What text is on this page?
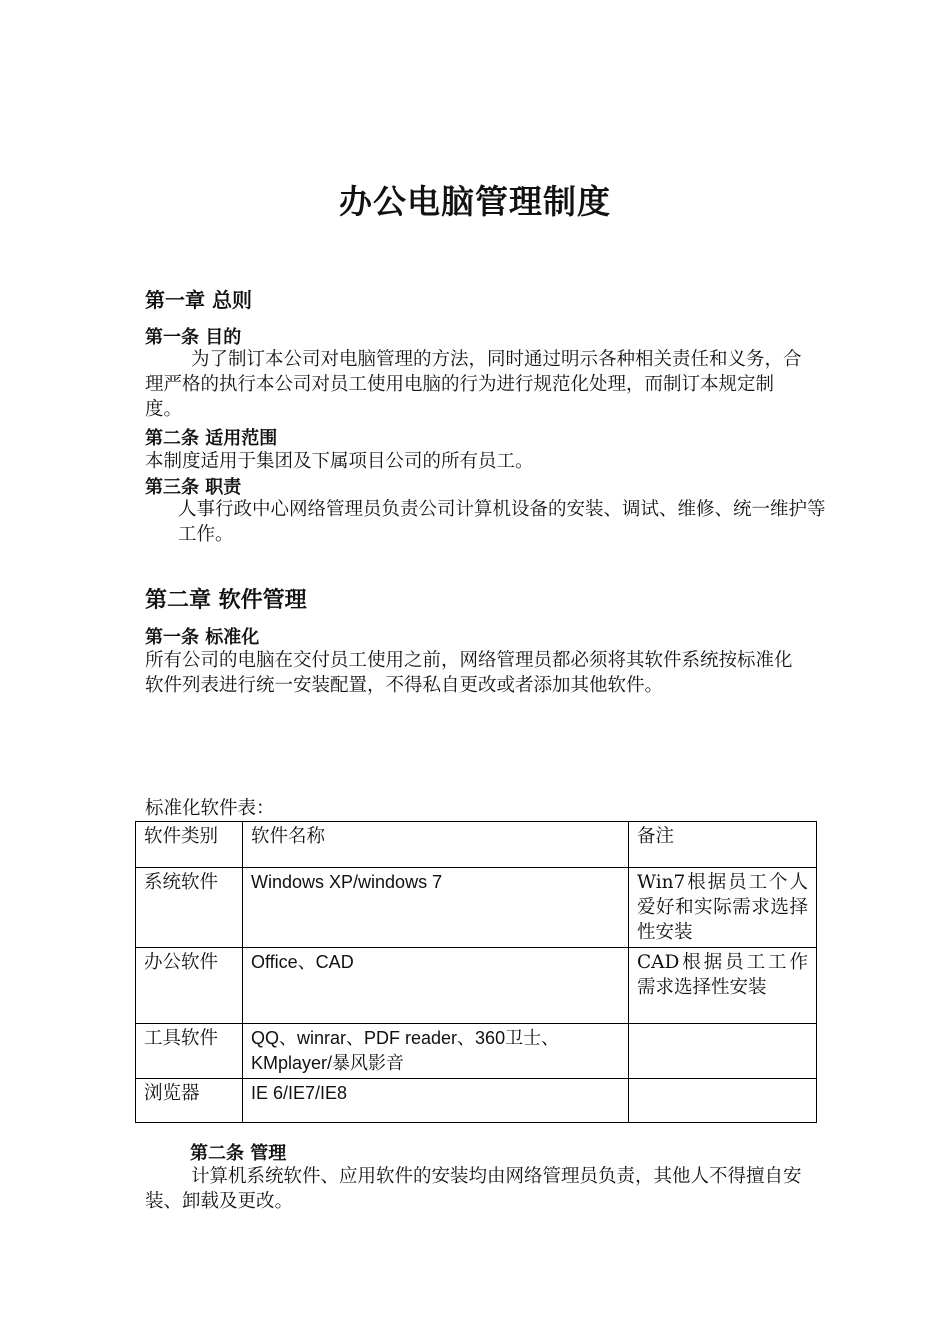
办公电脑管理制度
第一章 总则
第一条 目的
为了制订本公司对电脑管理的方法，同时通过明示各种相关责任和义务，合理严格的执行本公司对员工使用电脑的行为进行规范化处理，而制订本规定制度。
第二条 适用范围
本制度适用于集团及下属项目公司的所有员工。
第三条 职责
人事行政中心网络管理员负责公司计算机设备的安装、调试、维修、统一维护等工作。
第二章 软件管理
第一条 标准化
所有公司的电脑在交付员工使用之前，网络管理员都必须将其软件系统按标准化软件列表进行统一安装配置，不得私自更改或者添加其他软件。
标准化软件表：
软件类别	软件名称	备注
系统软件	Windows XP/windows 7	Win7根据员工个人爱好和实际需求选择性安装
办公软件	Office、CAD	CAD根据员工工作需求选择性安装
工具软件	QQ、winrar、PDF reader、360卫士、KMplayer/暴风影音	
浏览器	IE 6/IE7/IE8	
第二条 管理
计算机系统软件、应用软件的安装均由网络管理员负责，其他人不得擅自安装、卸载及更改。
